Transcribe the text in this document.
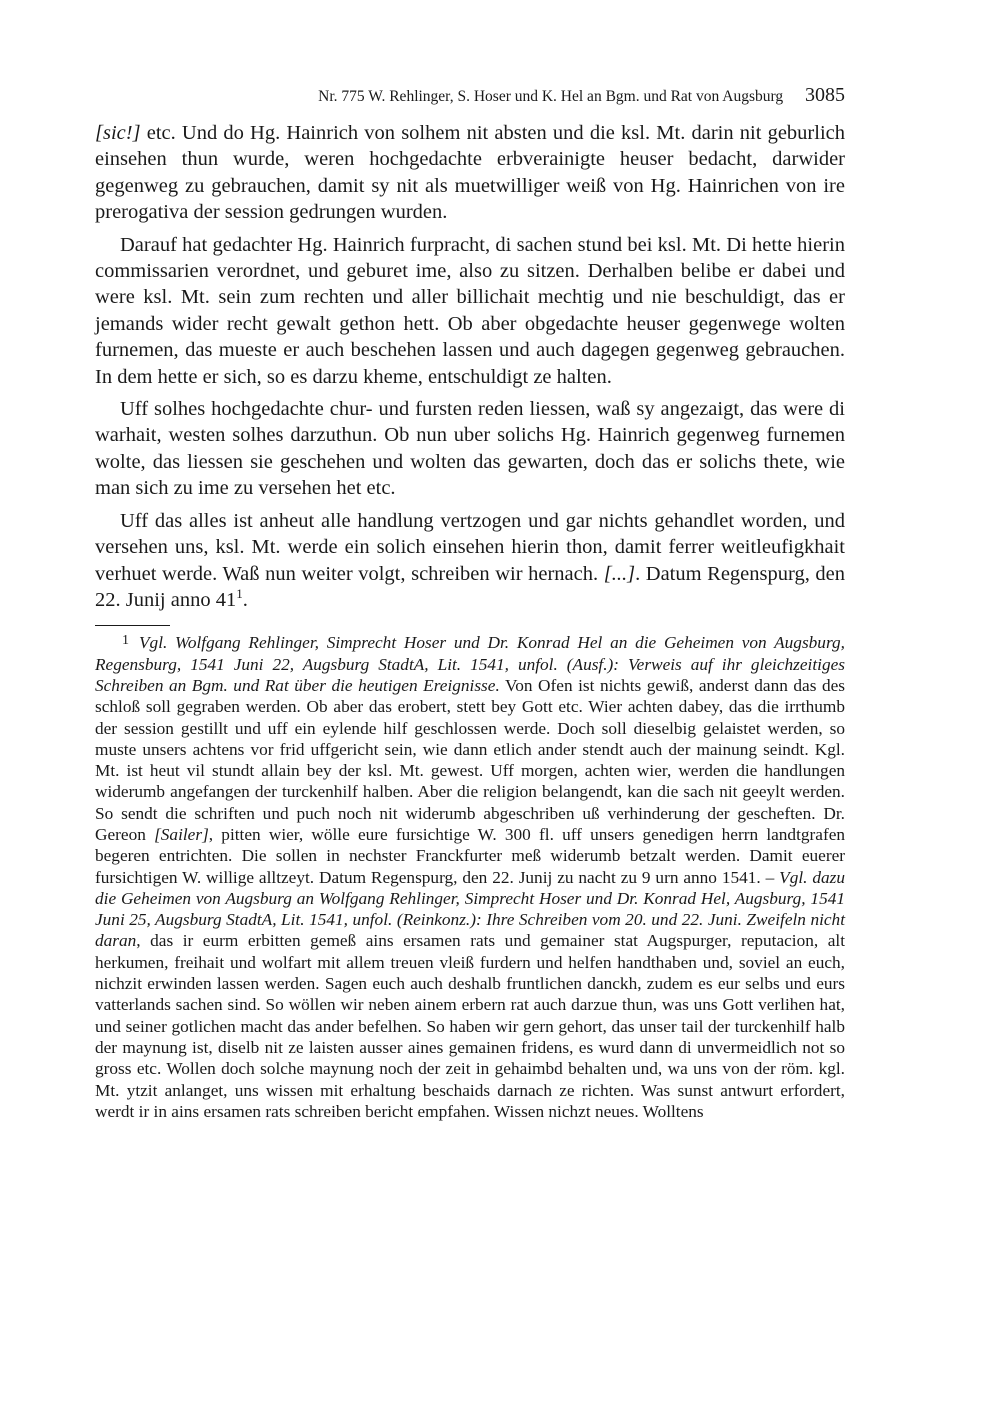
Nr. 775 W. Rehlinger, S. Hoser und K. Hel an Bgm. und Rat von Augsburg 3085

[sic!] etc. Und do Hg. Hainrich von solhem nit absten und die ksl. Mt. darin nit geburlich einsehen thun wurde, weren hochgedachte erbverainigte heuser bedacht, darwider gegenweg zu gebrauchen, damit sy nit als muetwilliger weiß von Hg. Hainrichen von ire prerogativa der session gedrungen wurden.

Darauf hat gedachter Hg. Hainrich furpracht, di sachen stund bei ksl. Mt. Di hette hierin commissarien verordnet, und geburet ime, also zu sitzen. Derhalben belibe er dabei und were ksl. Mt. sein zum rechten und aller billichait mechtig und nie beschuldigt, das er jemands wider recht gewalt gethon hett. Ob aber obgedachte heuser gegenwege wolten furnemen, das mueste er auch beschehen lassen und auch dagegen gegenweg gebrauchen. In dem hette er sich, so es darzu kheme, entschuldigt ze halten.

Uff solhes hochgedachte chur- und fursten reden liessen, waß sy angezaigt, das were di warhait, westen solhes darzuthun. Ob nun uber solichs Hg. Hainrich gegenweg furnemen wolte, das liessen sie geschehen und wolten das gewarten, doch das er solichs thete, wie man sich zu ime zu versehen het etc.

Uff das alles ist anheut alle handlung vertzogen und gar nichts gehandlet worden, und versehen uns, ksl. Mt. werde ein solich einsehen hierin thon, damit ferrer weitleufigkhait verhuet werde. Waß nun weiter volgt, schreiben wir hernach. [...]. Datum Regenspurg, den 22. Junij anno $41^1$.

$^1$ Vgl. Wolfgang Rehlinger, Simprecht Hoser und Dr. Konrad Hel an die Geheimen von Augsburg, Regensburg, 1541 Juni 22, Augsburg StadtA, Lit. 1541, unfol. (Ausf.): Verweis auf ihr gleichzeitiges Schreiben an Bgm. und Rat über die heutigen Ereignisse. Von Ofen ist nichts gewiß, anderst dann das des schloß soll gegraben werden. Ob aber das erobert, stett bey Gott etc. Wier achten dabey, das die irrthumb der session gestillt und uff ein eylende hilf geschlossen werde. Doch soll dieselbig gelaistet werden, so muste unsers achtens vor frid uffgericht sein, wie dann etlich ander stendt auch der mainung seindt. Kgl. Mt. ist heut vil stundt allain bey der ksl. Mt. gewest. Uff morgen, achten wier, werden die handlungen widerumb angefangen der turckenhilf halben. Aber die religion belangendt, kan die sach nit geeylt werden. So sendt die schriften und puch noch nit widerumb abgeschriben uß verhinderung der gescheften. Dr. Gereon [Sailer], pitten wier, wölle eure fursichtige W. 300 fl. uff unsers genedigen herrn landtgrafen begeren entrichten. Die sollen in nechster Franckfurter meß widerumb betzalt werden. Damit euerer fursichtigen W. willige alltzeyt. Datum Regenspurg, den 22. Junij zu nacht zu 9 urn anno 1541. – Vgl. dazu die Geheimen von Augsburg an Wolfgang Rehlinger, Simprecht Hoser und Dr. Konrad Hel, Augsburg, 1541 Juni 25, Augsburg StadtA, Lit. 1541, unfol. (Reinkonz.): Ihre Schreiben vom 20. und 22. Juni. Zweifeln nicht daran, das ir eurm erbitten gemeß ains ersamen rats und gemainer stat Augspurger, reputacion, alt herkumen, freihait und wolfart mit allem treuen vleiß furdern und helfen handthaben und, soviel an euch, nichzit erwinden lassen werden. Sagen euch auch deshalb fruntlichen danckh, zudem es eur selbs und eurs vatterlands sachen sind. So wöllen wir neben ainem erbern rat auch darzue thun, was uns Gott verlihen hat, und seiner gotlichen macht das ander befelhen. So haben wir gern gehort, das unser tail der turckenhilf halb der maynung ist, diselb nit ze laisten ausser aines gemainen fridens, es wurd dann di unvermeidlich not so gross etc. Wollen doch solche maynung noch der zeit in gehaimbd behalten und, wa uns von der röm. kgl. Mt. ytzit anlanget, uns wissen mit erhaltung beschaids darnach ze richten. Was sunst antwurt erfordert, werdt ir in ains ersamen rats schreiben bericht empfahen. Wissen nichzt neues. Wolltens
